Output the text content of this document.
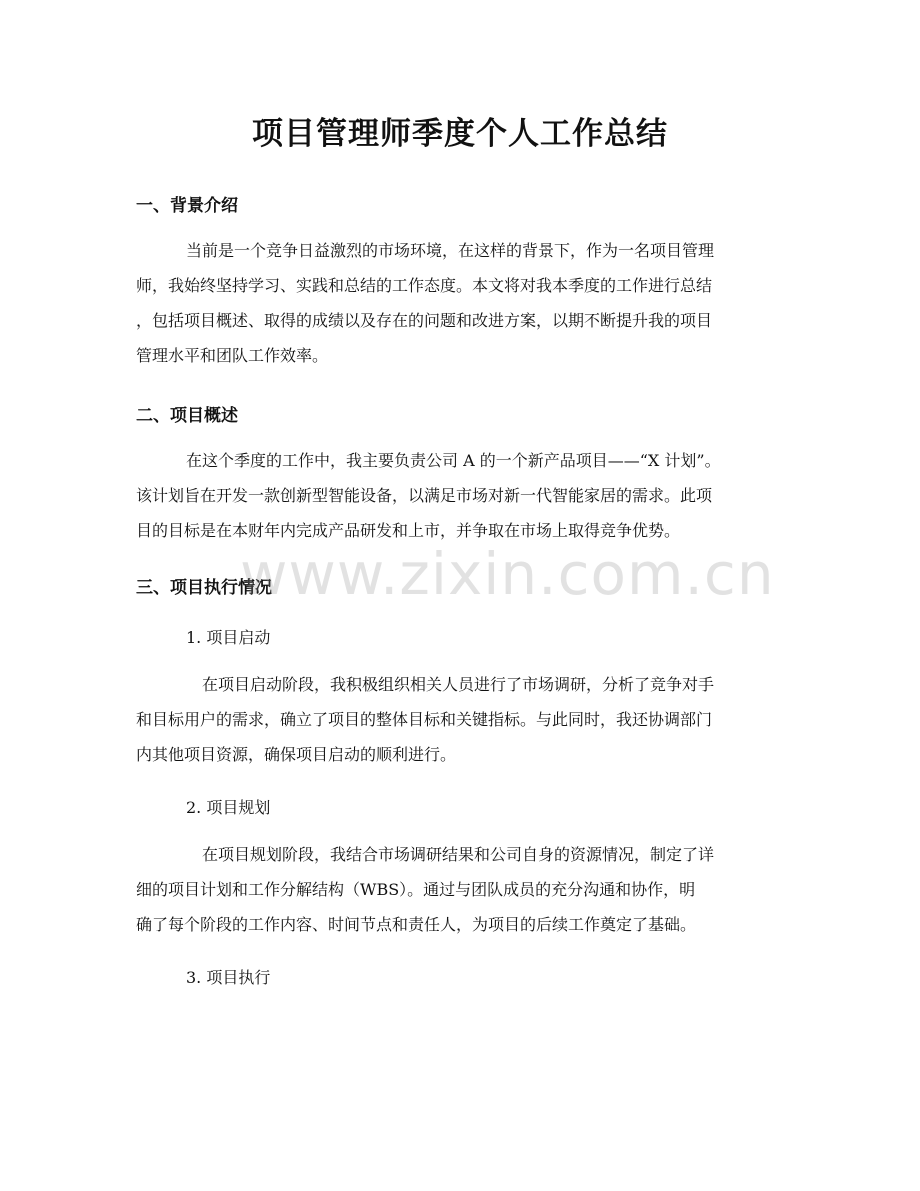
项目管理师季度个人工作总结
一、背景介绍
当前是一个竞争日益激烈的市场环境，在这样的背景下，作为一名项目管理
师，我始终坚持学习、实践和总结的工作态度。本文将对我本季度的工作进行总结
，包括项目概述、取得的成绩以及存在的问题和改进方案，以期不断提升我的项目
管理水平和团队工作效率。
二、项目概述
在这个季度的工作中，我主要负责公司 A 的一个新产品项目——“X 计划”。
该计划旨在开发一款创新型智能设备，以满足市场对新一代智能家居的需求。此项
目的目标是在本财年内完成产品研发和上市，并争取在市场上取得竞争优势。
三、项目执行情况

1. 项目启动

在项目启动阶段，我积极组织相关人员进行了市场调研，分析了竞争对手
和目标用户的需求，确立了项目的整体目标和关键指标。与此同时，我还协调部门
内其他项目资源，确保项目启动的顺利进行。

2. 项目规划

在项目规划阶段，我结合市场调研结果和公司自身的资源情况，制定了详
细的项目计划和工作分解结构（WBS）。通过与团队成员的充分沟通和协作，明
确了每个阶段的工作内容、时间节点和责任人，为项目的后续工作奠定了基础。

3. 项目执行

www.zixin.com.cn
